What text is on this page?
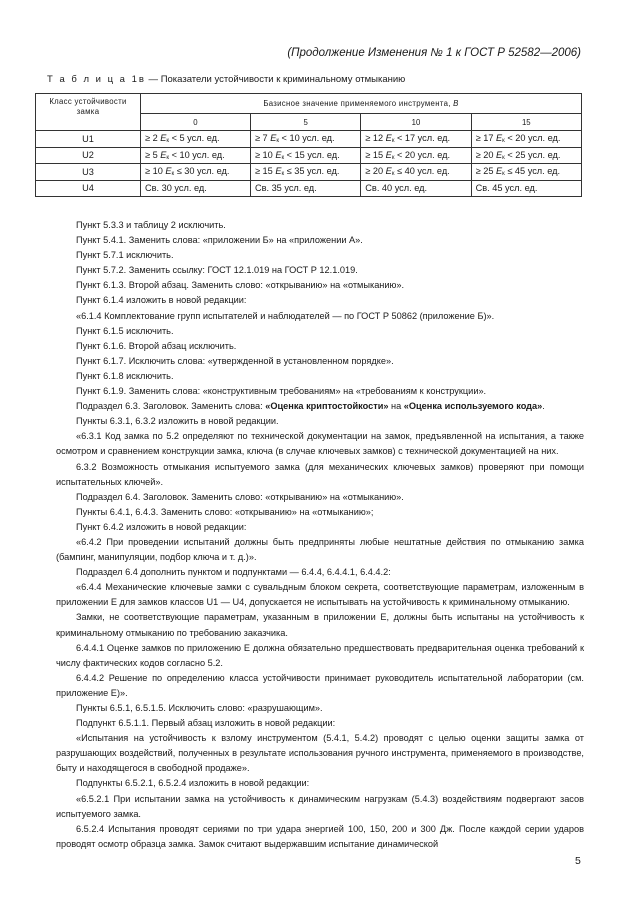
(Продолжение Изменения № 1 к ГОСТ Р 52582—2006)
Т а б л и ц а 1в — Показатели устойчивости к криминальному отмыканию
Класс устойчивости замка	Базисное значение применяемого инструмента, B			
	0	5	10	15
U1	≥ 2 Eк < 5 усл. ед.	≥ 7 Eк < 10 усл. ед.	≥ 12 Eк < 17 усл. ед.	≥ 17 Eк < 20 усл. ед.
U2	≥ 5 Eк < 10 усл. ед.	≥ 10 Eк < 15 усл. ед.	≥ 15 Eк < 20 усл. ед.	≥ 20 Eк < 25 усл. ед.
U3	≥ 10 Eк ≤ 30 усл. ед.	≥ 15 Eк ≤ 35 усл. ед.	≥ 20 Eк ≤ 40 усл. ед.	≥ 25 Eк ≤ 45 усл. ед.
U4	Св. 30 усл. ед.	Св. 35 усл. ед.	Св. 40 усл. ед.	Св. 45 усл. ед.

Пункт 5.3.3 и таблицу 2 исключить.

Пункт 5.4.1. Заменить слова: «приложении Б» на «приложении А».

Пункт 5.7.1 исключить.

Пункт 5.7.2. Заменить ссылку: ГОСТ 12.1.019 на ГОСТ Р 12.1.019.

Пункт 6.1.3. Второй абзац. Заменить слово: «открыванию» на «отмыканию».

Пункт 6.1.4 изложить в новой редакции:

«6.1.4 Комплектование групп испытателей и наблюдателей — по ГОСТ Р 50862 (приложение Б)».

Пункт 6.1.5 исключить.

Пункт 6.1.6. Второй абзац исключить.

Пункт 6.1.7. Исключить слова: «утвержденной в установленном порядке».

Пункт 6.1.8 исключить.

Пункт 6.1.9. Заменить слова: «конструктивным требованиям» на «требованиям к конструкции».

Подраздел 6.3. Заголовок. Заменить слова: «Оценка криптостойкости» на «Оценка используемого кода».

Пункты 6.3.1, 6.3.2 изложить в новой редакции.

«6.3.1 Код замка по 5.2 определяют по технической документации на замок, предъявленной на испытания, а также осмотром и сравнением конструкции замка, ключа (в случае ключевых замков) с технической документацией на них.

6.3.2 Возможность отмыкания испытуемого замка (для механических ключевых замков) проверяют при помощи испытательных ключей».

Подраздел 6.4. Заголовок. Заменить слово: «открыванию» на «отмыканию».

Пункты 6.4.1, 6.4.3. Заменить слово: «открыванию» на «отмыканию»;

Пункт 6.4.2 изложить в новой редакции:

«6.4.2 При проведении испытаний должны быть предприняты любые нештатные действия по отмыканию замка (бампинг, манипуляции, подбор ключа и т. д.)».

Подраздел 6.4 дополнить пунктом и подпунктами — 6.4.4, 6.4.4.1, 6.4.4.2:

«6.4.4 Механические ключевые замки с сувальдным блоком секрета, соответствующие параметрам, изложенным в приложении Е для замков классов U1 — U4, допускается не испытывать на устойчивость к криминальному отмыканию.

Замки, не соответствующие параметрам, указанным в приложении Е, должны быть испытаны на устойчивость к криминальному отмыканию по требованию заказчика.

6.4.4.1 Оценке замков по приложению Е должна обязательно предшествовать предварительная оценка требований к числу фактических кодов согласно 5.2.

6.4.4.2 Решение по определению класса устойчивости принимает руководитель испытательной лаборатории (см. приложение Е)».

Пункты 6.5.1, 6.5.1.5. Исключить слово: «разрушающим».

Подпункт 6.5.1.1. Первый абзац изложить в новой редакции:

«Испытания на устойчивость к взлому инструментом (5.4.1, 5.4.2) проводят с целью оценки защиты замка от разрушающих воздействий, полученных в результате использования ручного инструмента, применяемого в производстве, быту и находящегося в свободной продаже».

Подпункты 6.5.2.1, 6.5.2.4 изложить в новой редакции:

«6.5.2.1 При испытании замка на устойчивость к динамическим нагрузкам (5.4.3) воздействиям подвергают засов испытуемого замка.

6.5.2.4 Испытания проводят сериями по три удара энергией 100, 150, 200 и 300 Дж. После каждой серии ударов проводят осмотр образца замка. Замок считают выдержавшим испытание динамической

5
